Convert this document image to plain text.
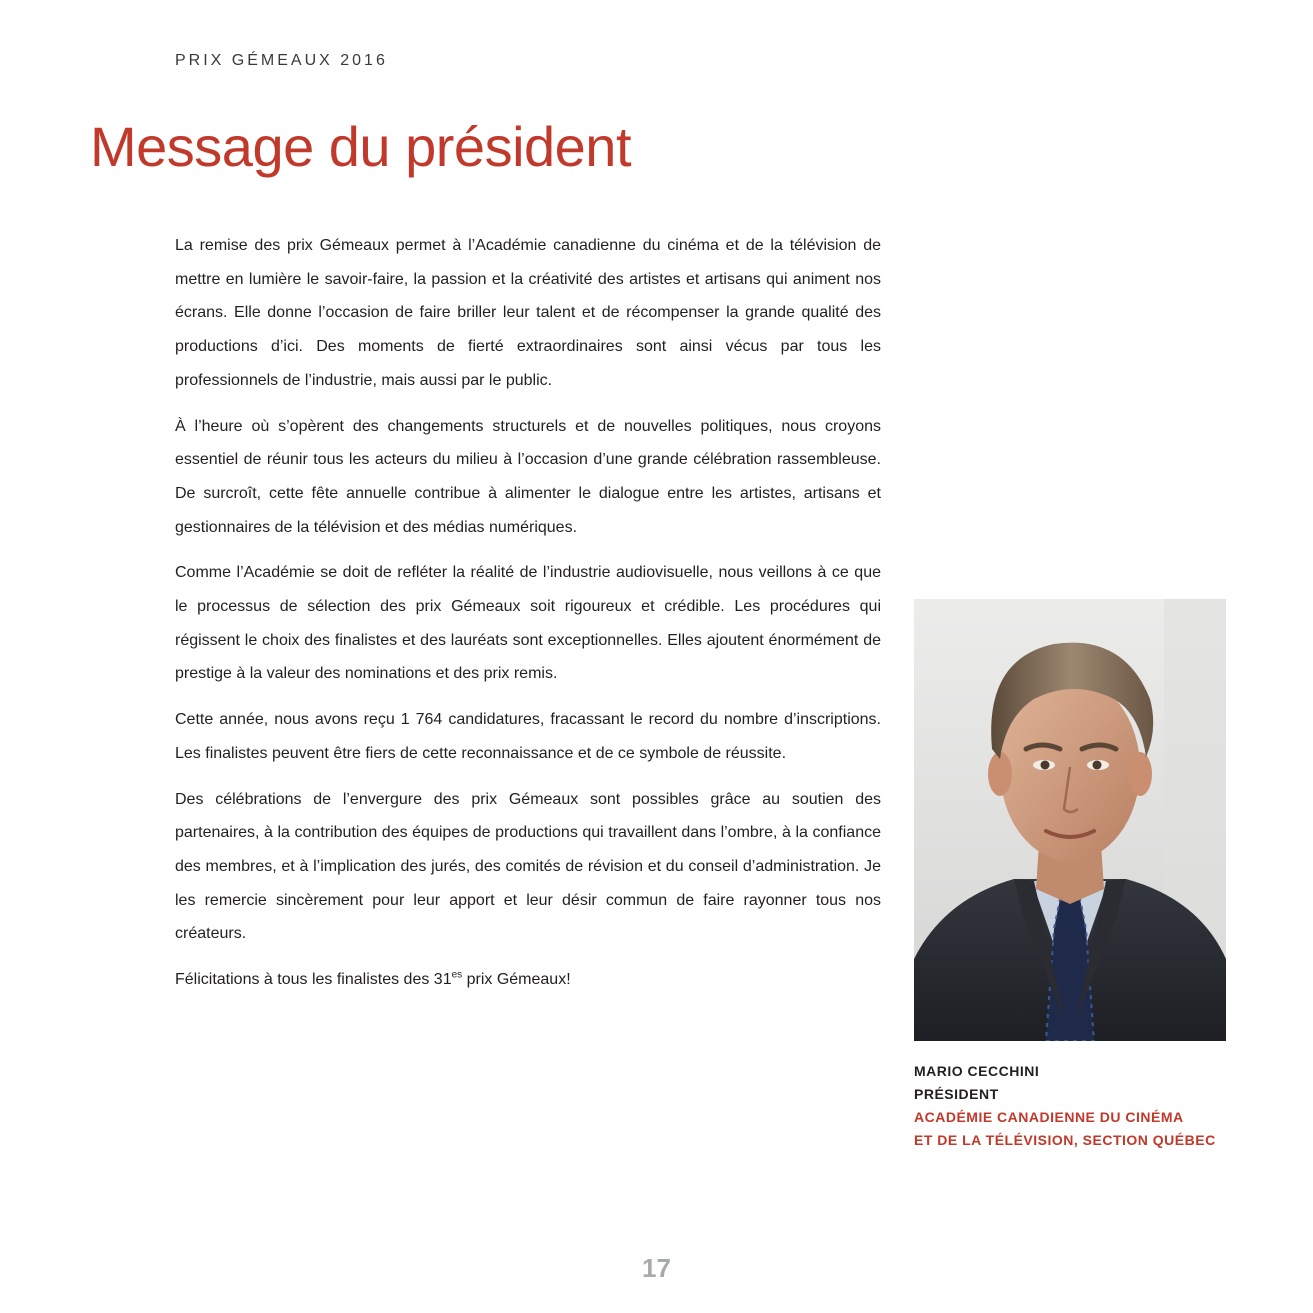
PRIX GÉMEAUX 2016
Message du président

La remise des prix Gémeaux permet à l’Académie canadienne du cinéma et de la télévision de mettre en lumière le savoir-faire, la passion et la créativité des artistes et artisans qui animent nos écrans. Elle donne l’occasion de faire briller leur talent et de récompenser la grande qualité des productions d’ici. Des moments de fierté extraordinaires sont ainsi vécus par tous les professionnels de l’industrie, mais aussi par le public.

À l’heure où s’opèrent des changements structurels et de nouvelles politiques, nous croyons essentiel de réunir tous les acteurs du milieu à l’occasion d’une grande célébration rassembleuse. De surcroît, cette fête annuelle contribue à alimenter le dialogue entre les artistes, artisans et gestionnaires de la télévision et des médias numériques.

Comme l’Académie se doit de refléter la réalité de l’industrie audiovisuelle, nous veillons à ce que le processus de sélection des prix Gémeaux soit rigoureux et crédible. Les procédures qui régissent le choix des finalistes et des lauréats sont exceptionnelles. Elles ajoutent énormément de prestige à la valeur des nominations et des prix remis.

Cette année, nous avons reçu 1 764 candidatures, fracassant le record du nombre d’inscriptions. Les finalistes peuvent être fiers de cette reconnaissance et de ce symbole de réussite.

Des célébrations de l’envergure des prix Gémeaux sont possibles grâce au soutien des partenaires, à la contribution des équipes de productions qui travaillent dans l’ombre, à la confiance des membres, et à l’implication des jurés, des comités de révision et du conseil d’administration. Je les remercie sincèrement pour leur apport et leur désir commun de faire rayonner tous nos créateurs.

Félicitations à tous les finalistes des $31^{es}$ prix Gémeaux!

MARIO CECCHINI
PRÉSIDENT
ACADÉMIE CANADIENNE DU CINÉMA
ET DE LA TÉLÉVISION, SECTION QUÉBEC
17
